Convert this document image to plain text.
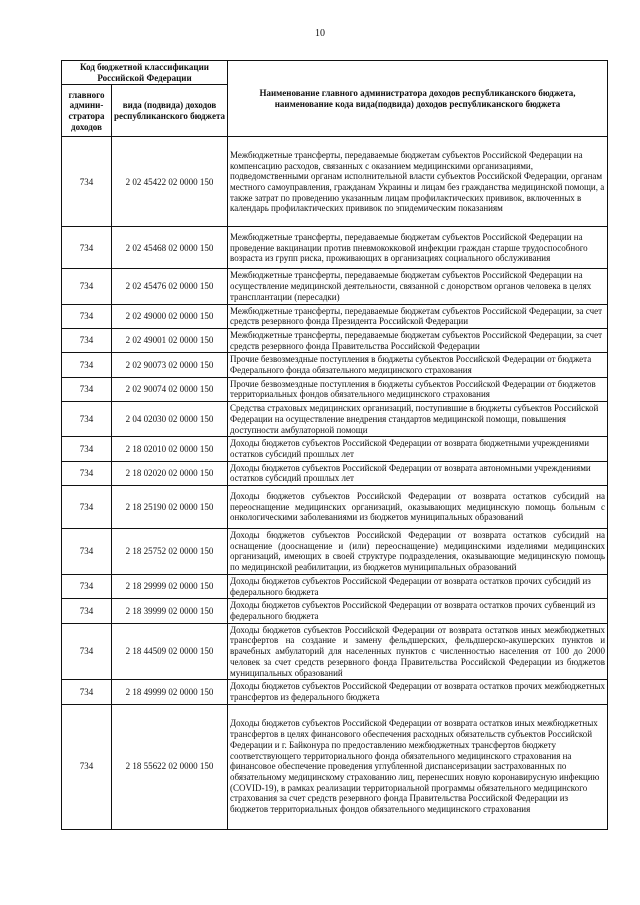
10
Код бюджетной классификации Российской Федерации		Наименование главного администратора доходов республиканского бюджета, наименование кода вида(подвида) доходов республиканского бюджета
главного админи-стратора доходов	вида (подвида) доходов республиканского бюджета	
734	2 02 45422 02 0000 150	Межбюджетные трансферты, передаваемые бюджетам субъектов Российской Федерации на компенсацию расходов, связанных с оказанием медицинскими организациями, подведомственными органам исполнительной власти субъектов Российской Федерации, органам местного самоуправления, гражданам Украины и лицам без гражданства медицинской помощи, а также затрат по проведению указанным лицам профилактических прививок, включенных в календарь профилактических прививок по эпидемическим показаниям
734	2 02 45468 02 0000 150	Межбюджетные трансферты, передаваемые бюджетам субъектов Российской Федерации на проведение вакцинации против пневмококковой инфекции граждан старше трудоспособного возраста из групп риска, проживающих в организациях социального обслуживания
734	2 02 45476 02 0000 150	Межбюджетные трансферты, передаваемые бюджетам субъектов Российской Федерации на осуществление медицинской деятельности, связанной с донорством органов человека в целях трансплантации (пересадки)
734	2 02 49000 02 0000 150	Межбюджетные трансферты, передаваемые бюджетам субъектов Российской Федерации, за счет средств резервного фонда Президента Российской Федерации
734	2 02 49001 02 0000 150	Межбюджетные трансферты, передаваемые бюджетам субъектов Российской Федерации, за счет средств резервного фонда Правительства Российской Федерации
734	2 02 90073 02 0000 150	Прочие безвозмездные поступления в бюджеты субъектов Российской Федерации от бюджета Федерального фонда обязательного медицинского страхования
734	2 02 90074 02 0000 150	Прочие безвозмездные поступления в бюджеты субъектов Российской Федерации от бюджетов территориальных фондов обязательного медицинского страхования
734	2 04 02030 02 0000 150	Средства страховых медицинских организаций, поступившие в бюджеты субъектов Российской Федерации на осуществление внедрения стандартов медицинской помощи, повышения доступности амбулаторной помощи
734	2 18 02010 02 0000 150	Доходы бюджетов субъектов Российской Федерации от возврата бюджетными учреждениями остатков субсидий прошлых лет
734	2 18 02020 02 0000 150	Доходы бюджетов субъектов Российской Федерации от возврата автономными учреждениями остатков субсидий прошлых лет
734	2 18 25190 02 0000 150	Доходы бюджетов субъектов Российской Федерации от возврата остатков субсидий на переоснащение медицинских организаций, оказывающих медицинскую помощь больным с онкологическими заболеваниями из бюджетов муниципальных образований
734	2 18 25752 02 0000 150	Доходы бюджетов субъектов Российской Федерации от возврата остатков субсидий на оснащение (дооснащение и (или) переоснащение) медицинскими изделиями медицинских организаций, имеющих в своей структуре подразделения, оказывающие медицинскую помощь по медицинской реабилитации, из бюджетов муниципальных образований
734	2 18 29999 02 0000 150	Доходы бюджетов субъектов Российской Федерации от возврата остатков прочих субсидий из федерального бюджета
734	2 18 39999 02 0000 150	Доходы бюджетов субъектов Российской Федерации от возврата остатков прочих субвенций из федерального бюджета
734	2 18 44509 02 0000 150	Доходы бюджетов субъектов Российской Федерации от возврата остатков иных межбюджетных трансфертов на создание и замену фельдшерских, фельдшерско-акушерских пунктов и врачебных амбулаторий для населенных пунктов с численностью населения от 100 до 2000 человек за счет средств резервного фонда Правительства Российской Федерации из бюджетов муниципальных образований
734	2 18 49999 02 0000 150	Доходы бюджетов субъектов Российской Федерации от возврата остатков прочих межбюджетных трансфертов из федерального бюджета
734	2 18 55622 02 0000 150	Доходы бюджетов субъектов Российской Федерации от возврата остатков иных межбюджетных трансфертов в целях финансового обеспечения расходных обязательств субъектов Российской Федерации и г. Байконура по предоставлению межбюджетных трансфертов бюджету соответствующего территориального фонда обязательного медицинского страхования на финансовое обеспечение проведения углубленной диспансеризации застрахованных по обязательному медицинскому страхованию лиц, перенесших новую коронавирусную инфекцию (COVID-19), в рамках реализации территориальной программы обязательного медицинского страхования за счет средств резервного фонда Правительства Российской Федерации из бюджетов территориальных фондов обязательного медицинского страхования
